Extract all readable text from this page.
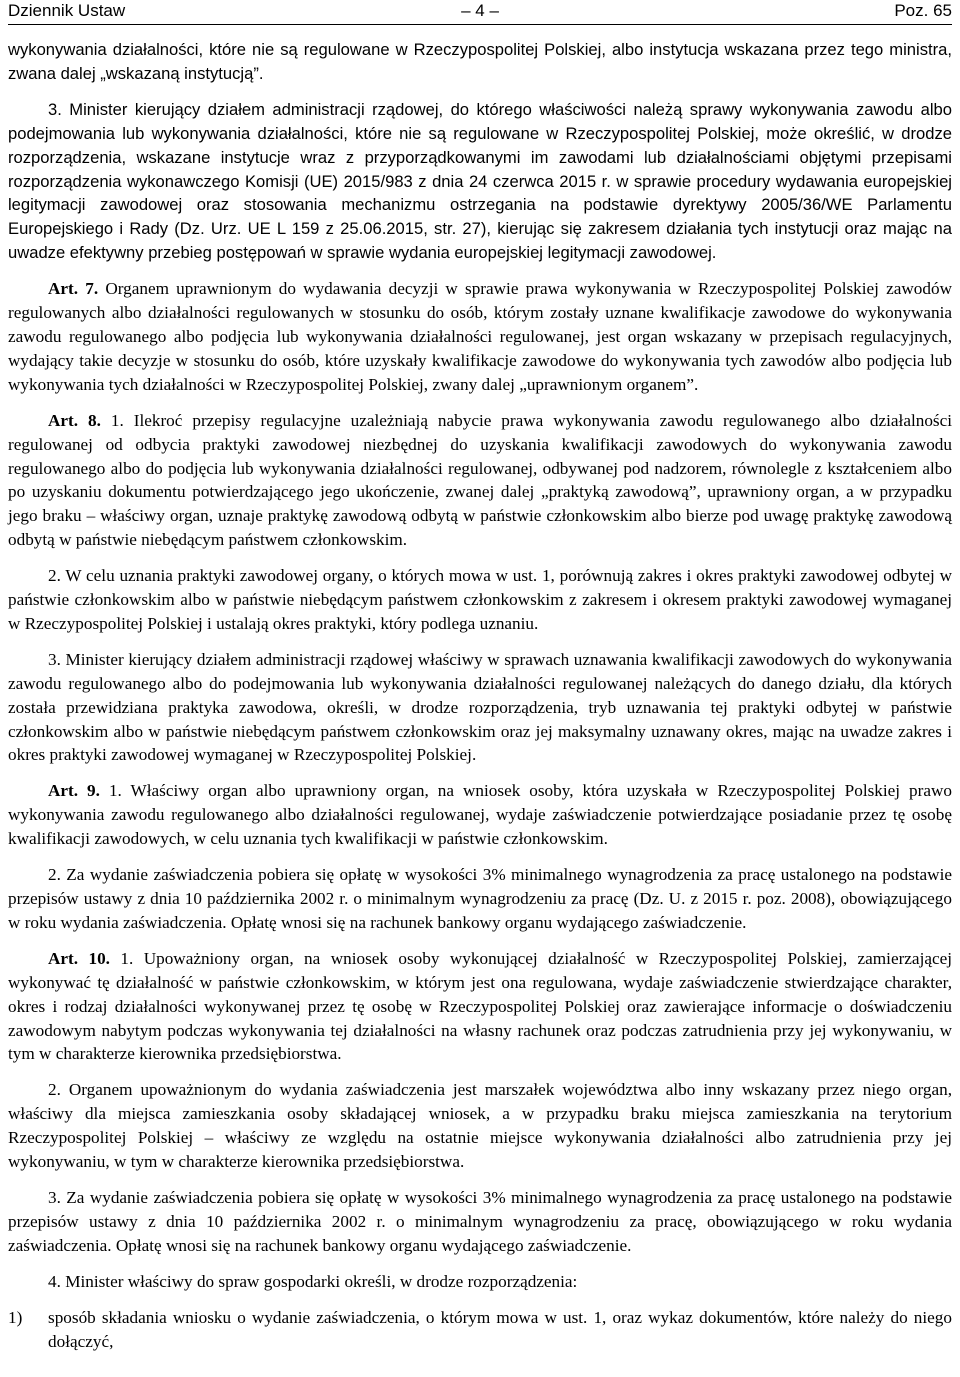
Dziennik Ustaw	– 4 –	Poz. 65

wykonywania działalności, które nie są regulowane w Rzeczypospolitej Polskiej, albo instytucja wskazana przez tego ministra, zwana dalej „wskazaną instytucją”.

3. Minister kierujący działem administracji rządowej, do którego właściwości należą sprawy wykonywania zawodu albo podejmowania lub wykonywania działalności, które nie są regulowane w Rzeczypospolitej Polskiej, może określić, w drodze rozporządzenia, wskazane instytucje wraz z przyporządkowanymi im zawodami lub działalnościami objętymi przepisami rozporządzenia wykonawczego Komisji (UE) 2015/983 z dnia 24 czerwca 2015 r. w sprawie procedury wydawania europejskiej legitymacji zawodowej oraz stosowania mechanizmu ostrzegania na podstawie dyrektywy 2005/36/WE Parlamentu Europejskiego i Rady (Dz. Urz. UE L 159 z 25.06.2015, str. 27), kierując się zakresem działania tych instytucji oraz mając na uwadze efektywny przebieg postępowań w sprawie wydania europejskiej legitymacji zawodowej.

Art. 7. Organem uprawnionym do wydawania decyzji w sprawie prawa wykonywania w Rzeczypospolitej Polskiej zawodów regulowanych albo działalności regulowanych w stosunku do osób, którym zostały uznane kwalifikacje zawodowe do wykonywania zawodu regulowanego albo podjęcia lub wykonywania działalności regulowanej, jest organ wskazany w przepisach regulacyjnych, wydający takie decyzje w stosunku do osób, które uzyskały kwalifikacje zawodowe do wykonywania tych zawodów albo podjęcia lub wykonywania tych działalności w Rzeczypospolitej Polskiej, zwany dalej „uprawnionym organem”.

Art. 8. 1. Ilekroć przepisy regulacyjne uzależniają nabycie prawa wykonywania zawodu regulowanego albo działalności regulowanej od odbycia praktyki zawodowej niezbędnej do uzyskania kwalifikacji zawodowych do wykonywania zawodu regulowanego albo do podjęcia lub wykonywania działalności regulowanej, odbywanej pod nadzorem, równolegle z kształceniem albo po uzyskaniu dokumentu potwierdzającego jego ukończenie, zwanej dalej „praktyką zawodową”, uprawniony organ, a w przypadku jego braku – właściwy organ, uznaje praktykę zawodową odbytą w państwie członkowskim albo bierze pod uwagę praktykę zawodową odbytą w państwie niebędącym państwem członkowskim.

2. W celu uznania praktyki zawodowej organy, o których mowa w ust. 1, porównują zakres i okres praktyki zawodowej odbytej w państwie członkowskim albo w państwie niebędącym państwem członkowskim z zakresem i okresem praktyki zawodowej wymaganej w Rzeczypospolitej Polskiej i ustalają okres praktyki, który podlega uznaniu.

3. Minister kierujący działem administracji rządowej właściwy w sprawach uznawania kwalifikacji zawodowych do wykonywania zawodu regulowanego albo do podejmowania lub wykonywania działalności regulowanej należących do danego działu, dla których została przewidziana praktyka zawodowa, określi, w drodze rozporządzenia, tryb uznawania tej praktyki odbytej w państwie członkowskim albo w państwie niebędącym państwem członkowskim oraz jej maksymalny uznawany okres, mając na uwadze zakres i okres praktyki zawodowej wymaganej w Rzeczypospolitej Polskiej.

Art. 9. 1. Właściwy organ albo uprawniony organ, na wniosek osoby, która uzyskała w Rzeczypospolitej Polskiej prawo wykonywania zawodu regulowanego albo działalności regulowanej, wydaje zaświadczenie potwierdzające posiadanie przez tę osobę kwalifikacji zawodowych, w celu uznania tych kwalifikacji w państwie członkowskim.

2. Za wydanie zaświadczenia pobiera się opłatę w wysokości 3% minimalnego wynagrodzenia za pracę ustalonego na podstawie przepisów ustawy z dnia 10 października 2002 r. o minimalnym wynagrodzeniu za pracę (Dz. U. z 2015 r. poz. 2008), obowiązującego w roku wydania zaświadczenia. Opłatę wnosi się na rachunek bankowy organu wydającego zaświadczenie.

Art. 10. 1. Upoważniony organ, na wniosek osoby wykonującej działalność w Rzeczypospolitej Polskiej, zamierzającej wykonywać tę działalność w państwie członkowskim, w którym jest ona regulowana, wydaje zaświadczenie stwierdzające charakter, okres i rodzaj działalności wykonywanej przez tę osobę w Rzeczypospolitej Polskiej oraz zawierające informacje o doświadczeniu zawodowym nabytym podczas wykonywania tej działalności na własny rachunek oraz podczas zatrudnienia przy jej wykonywaniu, w tym w charakterze kierownika przedsiębiorstwa.

2. Organem upoważnionym do wydania zaświadczenia jest marszałek województwa albo inny wskazany przez niego organ, właściwy dla miejsca zamieszkania osoby składającej wniosek, a w przypadku braku miejsca zamieszkania na terytorium Rzeczypospolitej Polskiej – właściwy ze względu na ostatnie miejsce wykonywania działalności albo zatrudnienia przy jej wykonywaniu, w tym w charakterze kierownika przedsiębiorstwa.

3. Za wydanie zaświadczenia pobiera się opłatę w wysokości 3% minimalnego wynagrodzenia za pracę ustalonego na podstawie przepisów ustawy z dnia 10 października 2002 r. o minimalnym wynagrodzeniu za pracę, obowiązującego w roku wydania zaświadczenia. Opłatę wnosi się na rachunek bankowy organu wydającego zaświadczenie.

4. Minister właściwy do spraw gospodarki określi, w drodze rozporządzenia:

1)	sposób składania wniosku o wydanie zaświadczenia, o którym mowa w ust. 1, oraz wykaz dokumentów, które należy do niego dołączyć,
